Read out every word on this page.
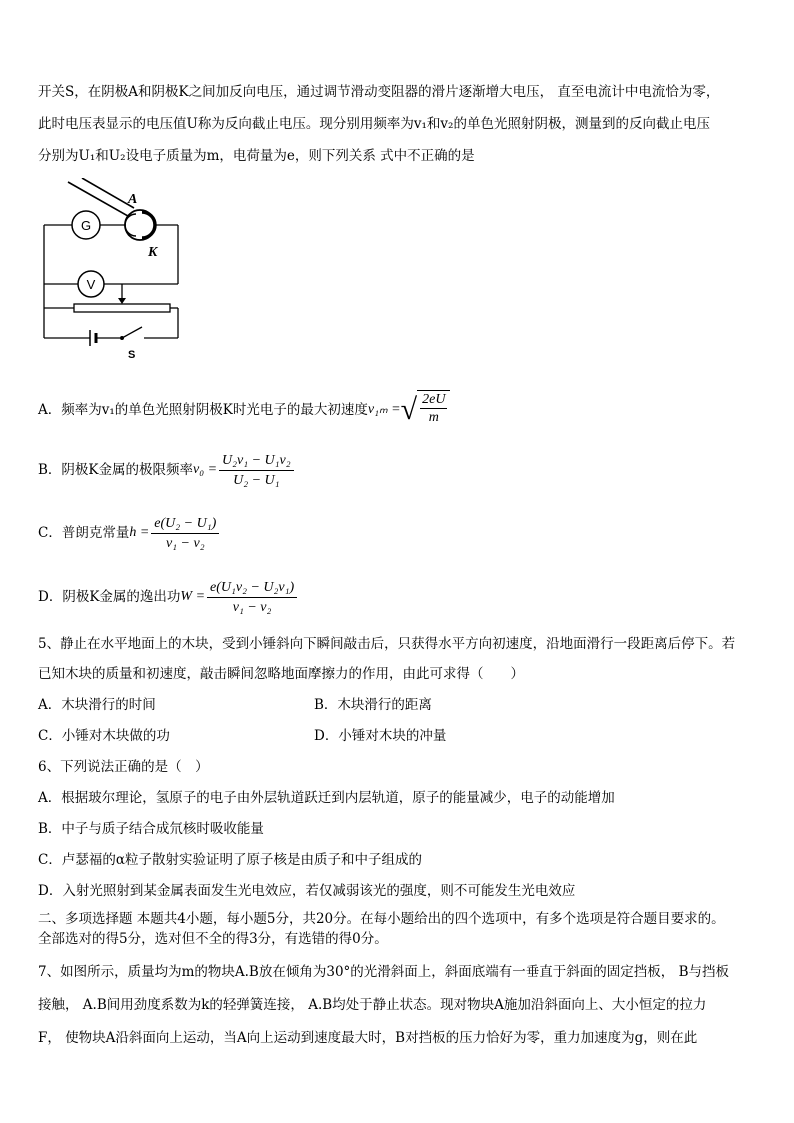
开关S，在阴极A和阴极K之间加反向电压，通过调节滑动变阻器的滑片逐渐增大电压， 直至电流计中电流恰为零，
此时电压表显示的电压值U称为反向截止电压。现分别用频率为v₁和v₂的单色光照射阴极，测量到的反向截止电压
分别为U₁和U₂设电子质量为m，电荷量为e，则下列关系 式中不正确的是
G
A
K
V
S
A．频率为v₁的单色光照射阴极K时光电子的最大初速度 v₁ₘ = √ $\frac{2eU}{m}$
B．阴极K金属的极限频率 $v_0 = \frac{\text{U₂v₁ − U₁v₂}}{\text{U₂ − U₁}}$
C．普朗克常量 $h = \frac{\text{e(U₂ − U₁)}}{\text{v₁ − v₂}}$
D．阴极K金属的逸出功 $W = \frac{\text{e(U₁v₂ − U₂v₁)}}{\text{v₁ − v₂}}$
5、静止在水平地面上的木块，受到小锤斜向下瞬间敲击后，只获得水平方向初速度，沿地面滑行一段距离后停下。若
已知木块的质量和初速度，敲击瞬间忽略地面摩擦力的作用，由此可求得（　　）
A．木块滑行的时间	B．木块滑行的距离
C．小锤对木块做的功	D．小锤对木块的冲量
6、下列说法正确的是（　）
A．根据玻尔理论，氢原子的电子由外层轨道跃迁到内层轨道，原子的能量减少，电子的动能增加
B．中子与质子结合成氘核时吸收能量
C．卢瑟福的α粒子散射实验证明了原子核是由质子和中子组成的
D．入射光照射到某金属表面发生光电效应，若仅减弱该光的强度，则不可能发生光电效应
二、多项选择题 本题共4小题，每小题5分，共20分。在每小题给出的四个选项中，有多个选项是符合题目要求的。
全部选对的得5分，选对但不全的得3分，有选错的得0分。
7、如图所示，质量均为m的物块A.B放在倾角为30°的光滑斜面上，斜面底端有一垂直于斜面的固定挡板， B与挡板
接触， A.B间用劲度系数为k的轻弹簧连接， A.B均处于静止状态。现对物块A施加沿斜面向上、大小恒定的拉力
F， 使物块A沿斜面向上运动，当A向上运动到速度最大时，B对挡板的压力恰好为零，重力加速度为g，则在此
